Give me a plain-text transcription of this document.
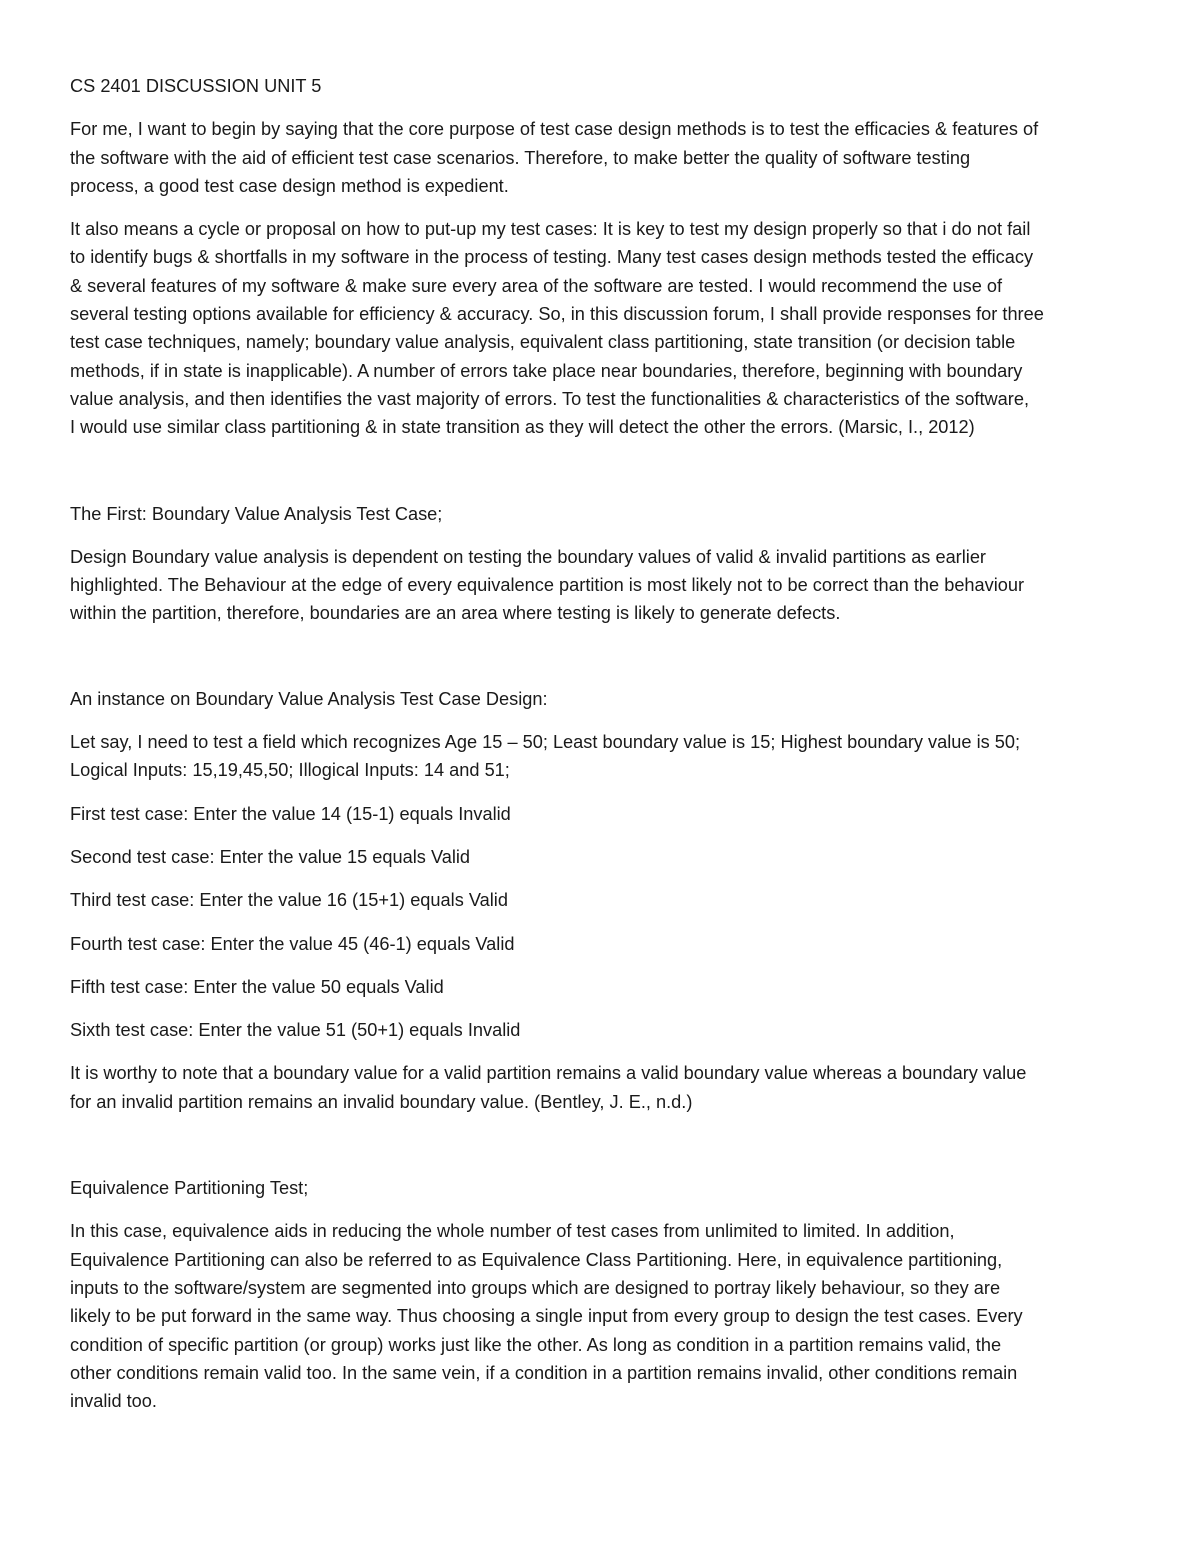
CS 2401 DISCUSSION UNIT 5

For me, I want to begin by saying that the core purpose of test case design methods is to test the efficacies & features of
the software with the aid of efficient test case scenarios. Therefore, to make better the quality of software testing
process, a good test case design method is expedient.

It also means a cycle or proposal on how to put-up my test cases: It is key to test my design properly so that i do not fail
to identify bugs & shortfalls in my software in the process of testing. Many test cases design methods tested the efficacy
& several features of my software & make sure every area of the software are tested. I would recommend the use of
several testing options available for efficiency & accuracy. So, in this discussion forum, I shall provide responses for three
test case techniques, namely; boundary value analysis, equivalent class partitioning, state transition (or decision table
methods, if in state is inapplicable). A number of errors take place near boundaries, therefore, beginning with boundary
value analysis, and then identifies the vast majority of errors. To test the functionalities & characteristics of the software,
I would use similar class partitioning & in state transition as they will detect the other the errors. (Marsic, I., 2012)

The First: Boundary Value Analysis Test Case;

Design Boundary value analysis is dependent on testing the boundary values of valid & invalid partitions as earlier
highlighted. The Behaviour at the edge of every equivalence partition is most likely not to be correct than the behaviour
within the partition, therefore, boundaries are an area where testing is likely to generate defects.

An instance on Boundary Value Analysis Test Case Design:

Let say, I need to test a field which recognizes Age 15 – 50; Least boundary value is 15; Highest boundary value is 50;
Logical Inputs: 15,19,45,50; Illogical Inputs: 14 and 51;

First test case: Enter the value 14 (15-1) equals Invalid

Second test case: Enter the value 15 equals Valid

Third test case: Enter the value 16 (15+1) equals Valid

Fourth test case: Enter the value 45 (46-1) equals Valid

Fifth test case: Enter the value 50 equals Valid

Sixth test case: Enter the value 51 (50+1) equals Invalid

It is worthy to note that a boundary value for a valid partition remains a valid boundary value whereas a boundary value
for an invalid partition remains an invalid boundary value. (Bentley, J. E., n.d.)

Equivalence Partitioning Test;

In this case, equivalence aids in reducing the whole number of test cases from unlimited to limited. In addition,
Equivalence Partitioning can also be referred to as Equivalence Class Partitioning. Here, in equivalence partitioning,
inputs to the software/system are segmented into groups which are designed to portray likely behaviour, so they are
likely to be put forward in the same way. Thus choosing a single input from every group to design the test cases. Every
condition of specific partition (or group) works just like the other. As long as condition in a partition remains valid, the
other conditions remain valid too. In the same vein, if a condition in a partition remains invalid, other conditions remain
invalid too.
